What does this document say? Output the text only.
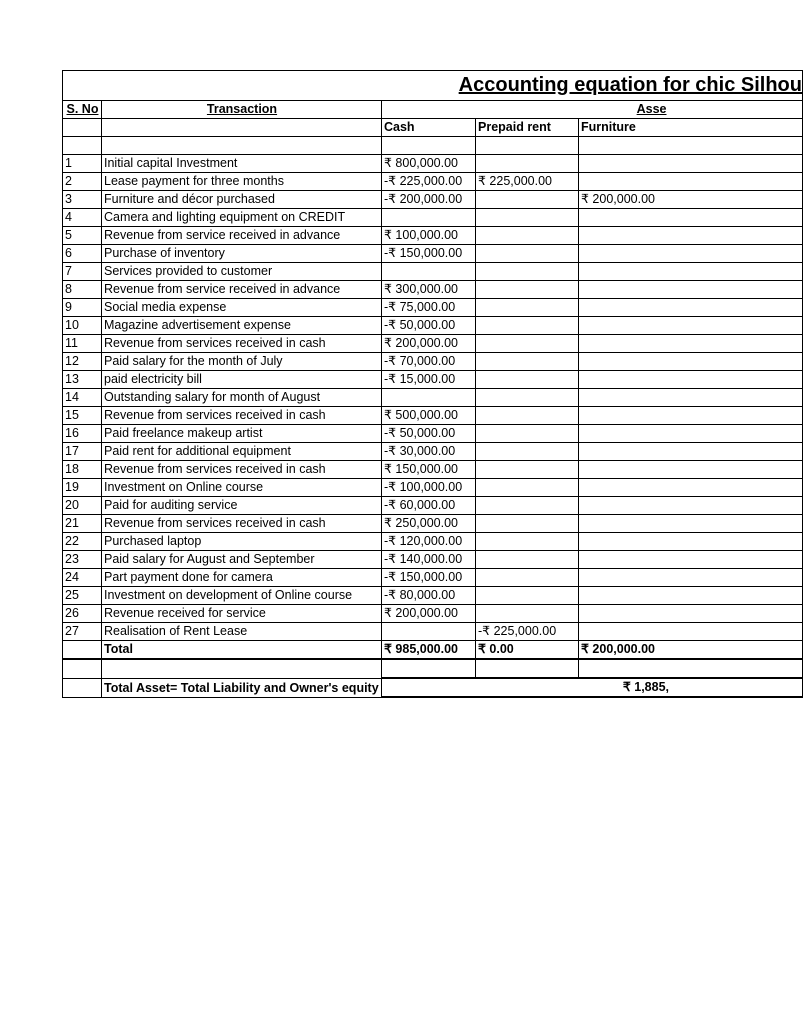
		Accounting equation for chic Silhou		
S. No	Transaction			Asse

		Cash	Prepaid rent	Furniture

1	Initial capital Investment	₹ 800,000.00		
2	Lease payment for three months	-₹ 225,000.00	₹ 225,000.00	
3	Furniture and décor purchased	-₹ 200,000.00		₹ 200,000.00
4	Camera and lighting equipment on CREDIT			
5	Revenue from service received in advance	₹ 100,000.00		
6	Purchase of inventory	-₹ 150,000.00		
7	Services provided to customer			
8	Revenue from service received in advance	₹ 300,000.00		
9	Social media expense	-₹ 75,000.00		
10	Magazine advertisement expense	-₹ 50,000.00		
11	Revenue from services received in cash	₹ 200,000.00		
12	Paid salary for the month of July	-₹ 70,000.00		
13	paid electricity bill	-₹ 15,000.00		
14	Outstanding salary for month of August			
15	Revenue from services received in cash	₹ 500,000.00		
16	Paid freelance makeup artist	-₹ 50,000.00		
17	Paid rent for additional equipment	-₹ 30,000.00		
18	Revenue from services received in cash	₹ 150,000.00		
19	Investment on Online course	-₹ 100,000.00		
20	Paid for auditing service	-₹ 60,000.00		
21	Revenue from services received in cash	₹ 250,000.00		
22	Purchased laptop	-₹ 120,000.00		
23	Paid salary for August and September	-₹ 140,000.00		
24	Part payment done for camera	-₹ 150,000.00		
25	Investment on development of Online course	-₹ 80,000.00		
26	Revenue received for service	₹ 200,000.00		
27	Realisation of Rent Lease		-₹ 225,000.00	
	Total	₹ 985,000.00	₹ 0.00	₹ 200,000.00

	Total Asset= Total Liability and Owner's equity	₹ 1,885,		
